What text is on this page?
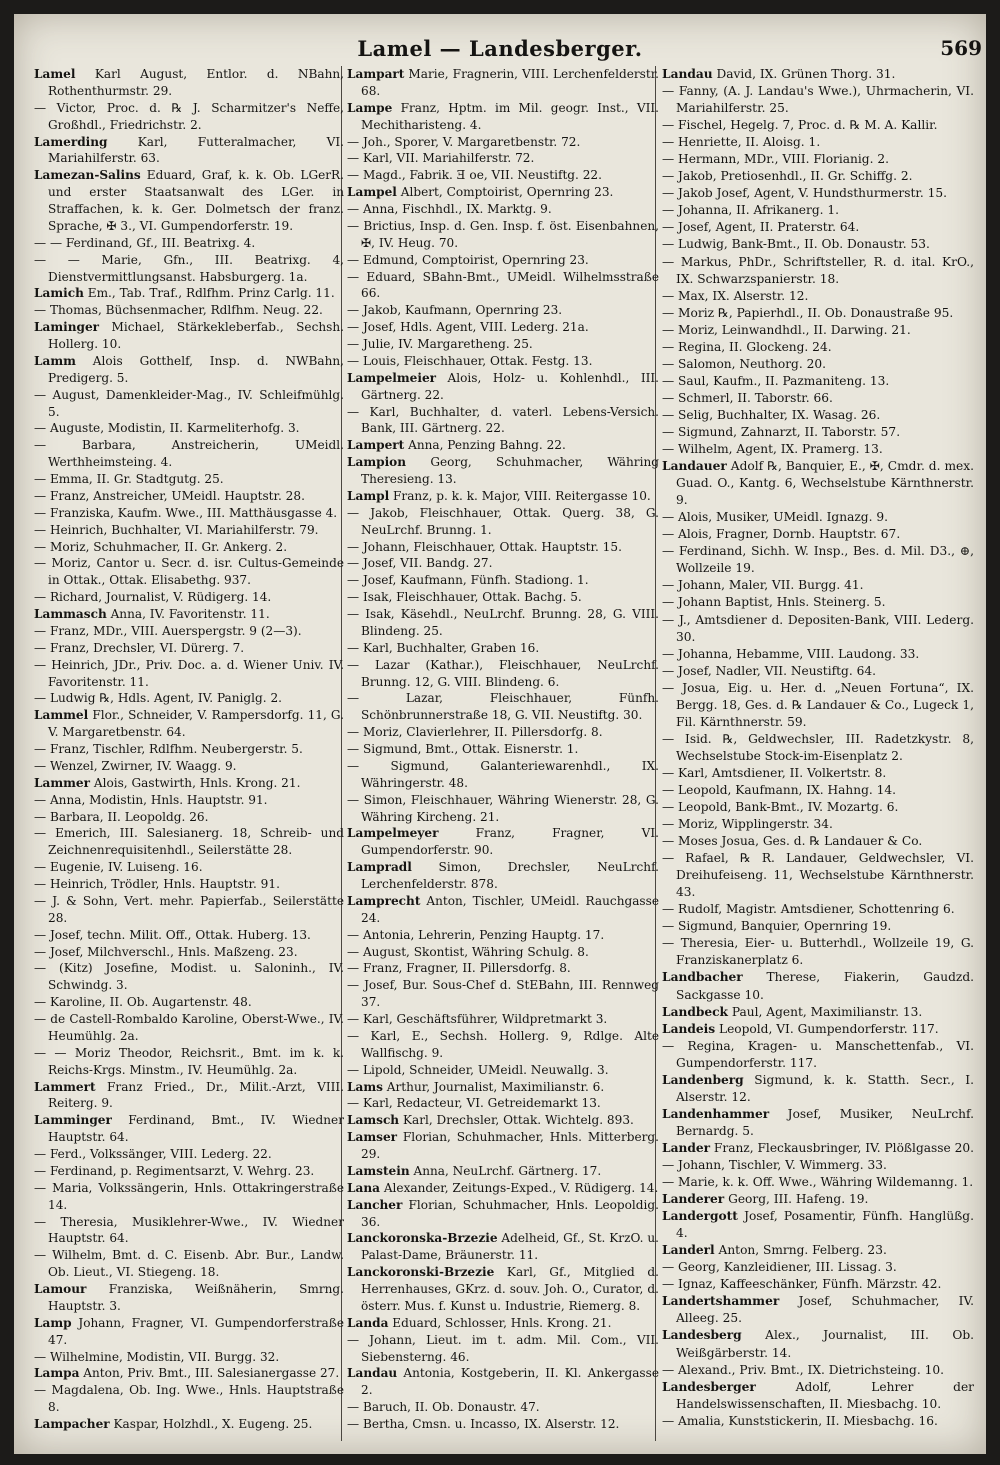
Lamel — Landesberger.	569

Lamel Karl August, Entlor. d. NBahn, Rothenthurmstr. 29.

— Victor, Proc. d. ℞ J. Scharmitzer's Neffe, Großhdl., Friedrichstr. 2.

Lamerding Karl, Futteralmacher, VI. Mariahilferstr. 63.

Lamezan-Salins Eduard, Graf, k. k. Ob. LGerR. und erster Staatsanwalt des LGer. in Straffachen, k. k. Ger. Dolmetsch der franz. Sprache, ✠ 3., VI. Gumpendorferstr. 19.

— — Ferdinand, Gf., III. Beatrixg. 4.

— — Marie, Gfn., III. Beatrixg. 4, Dienstvermittlungsanst. Habsburgerg. 1a.

Lamich Em., Tab. Traf., Rdlfhm. Prinz Carlg. 11.

— Thomas, Büchsenmacher, Rdlfhm. Neug. 22.

Laminger Michael, Stärkekleberfab., Sechsh. Hollerg. 10.

Lamm Alois Gotthelf, Insp. d. NWBahn, Predigerg. 5.

— August, Damenkleider-Mag., IV. Schleifmühlg. 5.

— Auguste, Modistin, II. Karmeliterhofg. 3.

— Barbara, Anstreicherin, UMeidl. Werthheimsteing. 4.

— Emma, II. Gr. Stadtgutg. 25.

— Franz, Anstreicher, UMeidl. Hauptstr. 28.

— Franziska, Kaufm. Wwe., III. Matthäusgasse 4.

— Heinrich, Buchhalter, VI. Mariahilferstr. 79.

— Moriz, Schuhmacher, II. Gr. Ankerg. 2.

— Moriz, Cantor u. Secr. d. isr. Cultus-Gemeinde in Ottak., Ottak. Elisabethg. 937.

— Richard, Journalist, V. Rüdigerg. 14.

Lammasch Anna, IV. Favoritenstr. 11.

— Franz, MDr., VIII. Auerspergstr. 9 (2—3).

— Franz, Drechsler, VI. Dürerg. 7.

— Heinrich, JDr., Priv. Doc. a. d. Wiener Univ. IV. Favoritenstr. 11.

— Ludwig ℞, Hdls. Agent, IV. Paniglg. 2.

Lammel Flor., Schneider, V. Rampersdorfg. 11, G. V. Margaretbenstr. 64.

— Franz, Tischler, Rdlfhm. Neubergerstr. 5.

— Wenzel, Zwirner, IV. Waagg. 9.

Lammer Alois, Gastwirth, Hnls. Krong. 21.

— Anna, Modistin, Hnls. Hauptstr. 91.

— Barbara, II. Leopoldg. 26.

— Emerich, III. Salesianerg. 18, Schreib- und Zeichnenrequisitenhdl., Seilerstätte 28.

— Eugenie, IV. Luiseng. 16.

— Heinrich, Trödler, Hnls. Hauptstr. 91.

— J. & Sohn, Vert. mehr. Papierfab., Seilerstätte 28.

— Josef, techn. Milit. Off., Ottak. Huberg. 13.

— Josef, Milchverschl., Hnls. Maßzeng. 23.

— (Kitz) Josefine, Modist. u. Saloninh., IV. Schwindg. 3.

— Karoline, II. Ob. Augartenstr. 48.

— de Castell-Rombaldo Karoline, Oberst-Wwe., IV. Heumühlg. 2a.

— — Moriz Theodor, Reichsrit., Bmt. im k. k. Reichs-Krgs. Minstm., IV. Heumühlg. 2a.

Lammert Franz Fried., Dr., Milit.-Arzt, VIII. Reiterg. 9.

Lamminger Ferdinand, Bmt., IV. Wiedner Hauptstr. 64.

— Ferd., Volkssänger, VIII. Lederg. 22.

— Ferdinand, p. Regimentsarzt, V. Wehrg. 23.

— Maria, Volkssängerin, Hnls. Ottakringerstraße 14.

— Theresia, Musiklehrer-Wwe., IV. Wiedner Hauptstr. 64.

— Wilhelm, Bmt. d. C. Eisenb. Abr. Bur., Landw. Ob. Lieut., VI. Stiegeng. 18.

Lamour Franziska, Weißnäherin, Smrng. Hauptstr. 3.

Lamp Johann, Fragner, VI. Gumpendorferstraße 47.

— Wilhelmine, Modistin, VII. Burgg. 32.

Lampa Anton, Priv. Bmt., III. Salesianergasse 27.

— Magdalena, Ob. Ing. Wwe., Hnls. Hauptstraße 8.

Lampacher Kaspar, Holzhdl., X. Eugeng. 25.

Lampart Marie, Fragnerin, VIII. Lerchenfelderstr. 68.

Lampe Franz, Hptm. im Mil. geogr. Inst., VII. Mechitharisteng. 4.

— Joh., Sporer, V. Margaretbenstr. 72.

— Karl, VII. Mariahilferstr. 72.

— Magd., Fabrik. Ǝ oe, VII. Neustiftg. 22.

Lampel Albert, Comptoirist, Opernring 23.

— Anna, Fischhdl., IX. Marktg. 9.

— Brictius, Insp. d. Gen. Insp. f. öst. Eisenbahnen, ✠, IV. Heug. 70.

— Edmund, Comptoirist, Opernring 23.

— Eduard, SBahn-Bmt., UMeidl. Wilhelmsstraße 66.

— Jakob, Kaufmann, Opernring 23.

— Josef, Hdls. Agent, VIII. Lederg. 21a.

— Julie, IV. Margaretheng. 25.

— Louis, Fleischhauer, Ottak. Festg. 13.

Lampelmeier Alois, Holz- u. Kohlenhdl., III. Gärtnerg. 22.

— Karl, Buchhalter, d. vaterl. Lebens-Versich. Bank, III. Gärtnerg. 22.

Lampert Anna, Penzing Bahng. 22.

Lampion Georg, Schuhmacher, Währing Theresieng. 13.

Lampl Franz, p. k. k. Major, VIII. Reitergasse 10.

— Jakob, Fleischhauer, Ottak. Querg. 38, G. NeuLrchf. Brunng. 1.

— Johann, Fleischhauer, Ottak. Hauptstr. 15.

— Josef, VII. Bandg. 27.

— Josef, Kaufmann, Fünfh. Stadiong. 1.

— Isak, Fleischhauer, Ottak. Bachg. 5.

— Isak, Käsehdl., NeuLrchf. Brunng. 28, G. VIII. Blindeng. 25.

— Karl, Buchhalter, Graben 16.

— Lazar (Kathar.), Fleischhauer, NeuLrchf. Brunng. 12, G. VIII. Blindeng. 6.

— Lazar, Fleischhauer, Fünfh. Schönbrunnerstraße 18, G. VII. Neustiftg. 30.

— Moriz, Clavierlehrer, II. Pillersdorfg. 8.

— Sigmund, Bmt., Ottak. Eisnerstr. 1.

— Sigmund, Galanteriewarenhdl., IX. Währingerstr. 48.

— Simon, Fleischhauer, Währing Wienerstr. 28, G. Währing Kircheng. 21.

Lampelmeyer Franz, Fragner, VI. Gumpendorferstr. 90.

Lampradl Simon, Drechsler, NeuLrchf. Lerchenfelderstr. 878.

Lamprecht Anton, Tischler, UMeidl. Rauchgasse 24.

— Antonia, Lehrerin, Penzing Hauptg. 17.

— August, Skontist, Währing Schulg. 8.

— Franz, Fragner, II. Pillersdorfg. 8.

— Josef, Bur. Sous-Chef d. StEBahn, III. Rennweg 37.

— Karl, Geschäftsführer, Wildpretmarkt 3.

— Karl, E., Sechsh. Hollerg. 9, Rdlge. Alte Wallfischg. 9.

— Lipold, Schneider, UMeidl. Neuwallg. 3.

Lams Arthur, Journalist, Maximilianstr. 6.

— Karl, Redacteur, VI. Getreidemarkt 13.

Lamsch Karl, Drechsler, Ottak. Wichtelg. 893.

Lamser Florian, Schuhmacher, Hnls. Mitterberg. 29.

Lamstein Anna, NeuLrchf. Gärtnerg. 17.

Lana Alexander, Zeitungs-Exped., V. Rüdigerg. 14.

Lancher Florian, Schuhmacher, Hnls. Leopoldig. 36.

Lanckoronska-Brzezie Adelheid, Gf., St. KrzO. u. Palast-Dame, Bräunerstr. 11.

Lanckoronski-Brzezie Karl, Gf., Mitglied d. Herrenhauses, GKrz. d. souv. Joh. O., Curator, d. österr. Mus. f. Kunst u. Industrie, Riemerg. 8.

Landa Eduard, Schlosser, Hnls. Krong. 21.

— Johann, Lieut. im t. adm. Mil. Com., VII. Siebensterng. 46.

Landau Antonia, Kostgeberin, II. Kl. Ankergasse 2.

— Baruch, II. Ob. Donaustr. 47.

— Bertha, Cmsn. u. Incasso, IX. Alserstr. 12.

Landau David, IX. Grünen Thorg. 31.

— Fanny, (A. J. Landau's Wwe.), Uhrmacherin, VI. Mariahilferstr. 25.

— Fischel, Hegelg. 7, Proc. d. ℞ M. A. Kallir.

— Henriette, II. Aloisg. 1.

— Hermann, MDr., VIII. Florianig. 2.

— Jakob, Pretiosenhdl., II. Gr. Schiffg. 2.

— Jakob Josef, Agent, V. Hundsthurmerstr. 15.

— Johanna, II. Afrikanerg. 1.

— Josef, Agent, II. Praterstr. 64.

— Ludwig, Bank-Bmt., II. Ob. Donaustr. 53.

— Markus, PhDr., Schriftsteller, R. d. ital. KrO., IX. Schwarzspanierstr. 18.

— Max, IX. Alserstr. 12.

— Moriz ℞, Papierhdl., II. Ob. Donaustraße 95.

— Moriz, Leinwandhdl., II. Darwing. 21.

— Regina, II. Glockeng. 24.

— Salomon, Neuthorg. 20.

— Saul, Kaufm., II. Pazmaniteng. 13.

— Schmerl, II. Taborstr. 66.

— Selig, Buchhalter, IX. Wasag. 26.

— Sigmund, Zahnarzt, II. Taborstr. 57.

— Wilhelm, Agent, IX. Pramerg. 13.

Landauer Adolf ℞, Banquier, E., ✠, Cmdr. d. mex. Guad. O., Kantg. 6, Wechselstube Kärnthnerstr. 9.

— Alois, Musiker, UMeidl. Ignazg. 9.

— Alois, Fragner, Dornb. Hauptstr. 67.

— Ferdinand, Sichh. W. Insp., Bes. d. Mil. D3., ⊕, Wollzeile 19.

— Johann, Maler, VII. Burgg. 41.

— Johann Baptist, Hnls. Steinerg. 5.

— J., Amtsdiener d. Depositen-Bank, VIII. Lederg. 30.

— Johanna, Hebamme, VIII. Laudong. 33.

— Josef, Nadler, VII. Neustiftg. 64.

— Josua, Eig. u. Her. d. „Neuen Fortuna“, IX. Bergg. 18, Ges. d. ℞ Landauer & Co., Lugeck 1, Fil. Kärnthnerstr. 59.

— Isid. ℞, Geldwechsler, III. Radetzkystr. 8, Wechselstube Stock-im-Eisenplatz 2.

— Karl, Amtsdiener, II. Volkertstr. 8.

— Leopold, Kaufmann, IX. Hahng. 14.

— Leopold, Bank-Bmt., IV. Mozartg. 6.

— Moriz, Wipplingerstr. 34.

— Moses Josua, Ges. d. ℞ Landauer & Co.

— Rafael, ℞ R. Landauer, Geldwechsler, VI. Dreihufeiseng. 11, Wechselstube Kärnthnerstr. 43.

— Rudolf, Magistr. Amtsdiener, Schottenring 6.

— Sigmund, Banquier, Opernring 19.

— Theresia, Eier- u. Butterhdl., Wollzeile 19, G. Franziskanerplatz 6.

Landbacher Therese, Fiakerin, Gaudzd. Sackgasse 10.

Landbeck Paul, Agent, Maximilianstr. 13.

Landeis Leopold, VI. Gumpendorferstr. 117.

— Regina, Kragen- u. Manschettenfab., VI. Gumpendorferstr. 117.

Landenberg Sigmund, k. k. Statth. Secr., I. Alserstr. 12.

Landenhammer Josef, Musiker, NeuLrchf. Bernardg. 5.

Lander Franz, Fleckausbringer, IV. Plößlgasse 20.

— Johann, Tischler, V. Wimmerg. 33.

— Marie, k. k. Off. Wwe., Währing Wildemanng. 1.

Landerer Georg, III. Hafeng. 19.

Landergott Josef, Posamentir, Fünfh. Hanglüßg. 4.

Landerl Anton, Smrng. Felberg. 23.

— Georg, Kanzleidiener, III. Lissag. 3.

— Ignaz, Kaffeeschänker, Fünfh. Märzstr. 42.

Landertshammer Josef, Schuhmacher, IV. Alleeg. 25.

Landesberg Alex., Journalist, III. Ob. Weißgärberstr. 14.

— Alexand., Priv. Bmt., IX. Dietrichsteing. 10.

Landesberger Adolf, Lehrer der Handelswissenschaften, II. Miesbachg. 10.

— Amalia, Kunststickerin, II. Miesbachg. 16.
